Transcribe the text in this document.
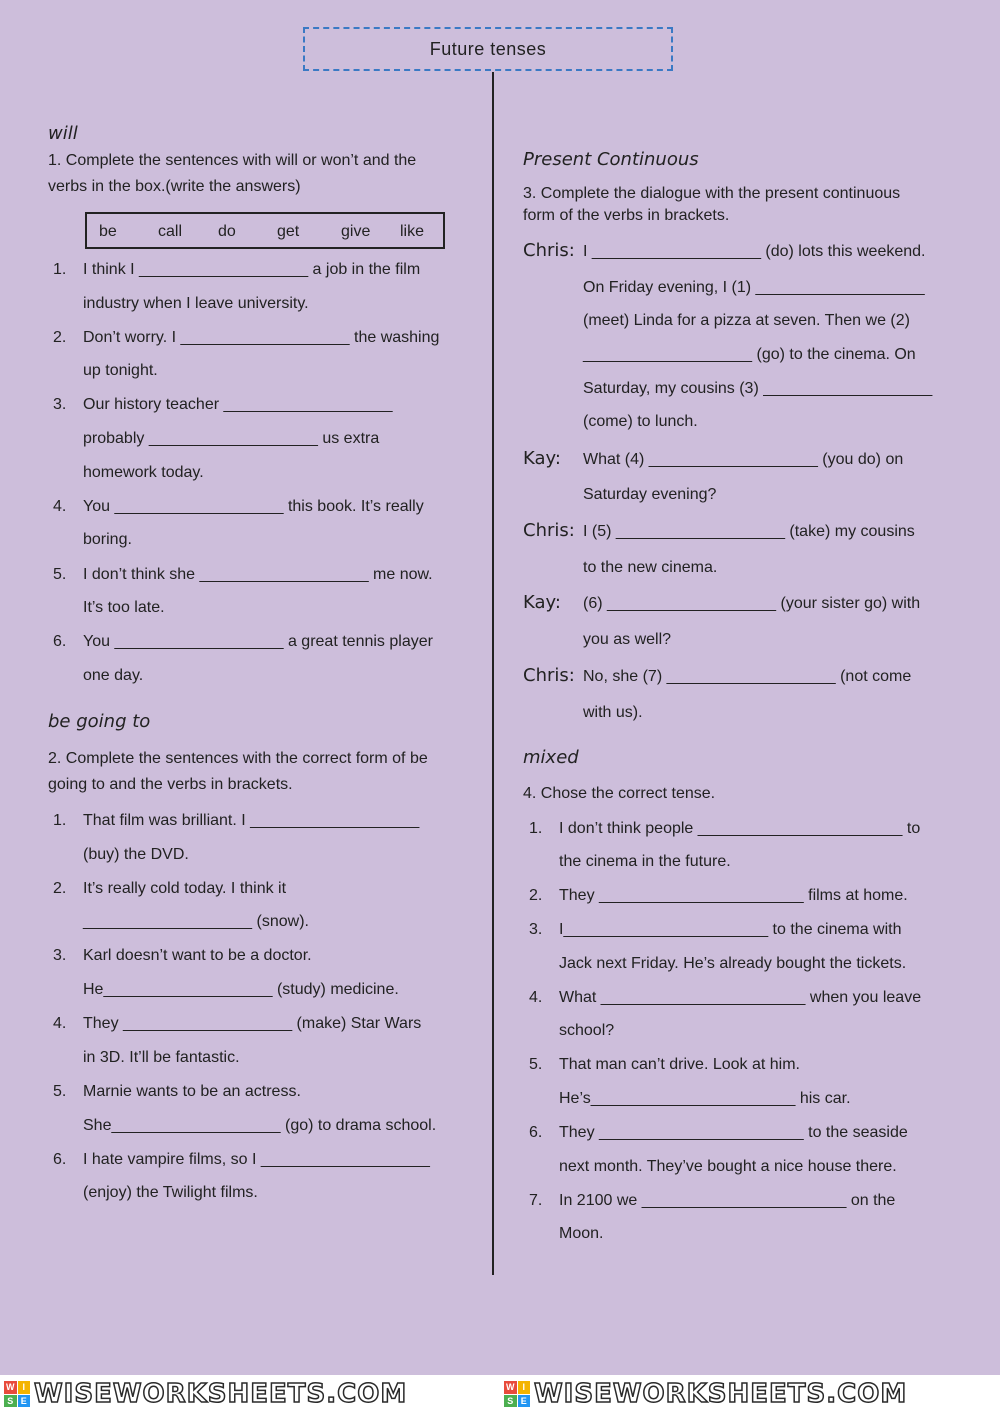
Future tenses
will
1. Complete the sentences with will or won’t and the
verbs in the box.(write the answers)
be	call do	get	give like
1. I think I ___________________ a job in the film
industry when I leave university.
2. Don’t worry. I ___________________ the washing
up tonight.
3. Our history teacher ___________________
probably ___________________ us extra
homework today.
4. You ___________________ this book. It’s really
boring.
5. I don’t think she ___________________ me now.
It’s too late.
6. You ___________________ a great tennis player
one day.
be going to
2. Complete the sentences with the correct form of be
going to and the verbs in brackets.
1. That film was brilliant. I ___________________
(buy) the DVD.
2. It’s really cold today. I think it
___________________ (snow).
3. Karl doesn’t want to be a doctor.
He___________________ (study) medicine.
4. They ___________________ (make) Star Wars
in 3D. It’ll be fantastic.
5. Marnie wants to be an actress.
She___________________ (go) to drama school.
6. I hate vampire films, so I ___________________
(enjoy) the Twilight films.
Present Continuous
3. Complete the dialogue with the present continuous
form of the verbs in brackets.
Chris: I ___________________ (do) lots this weekend.
On Friday evening, I (1) ___________________
(meet) Linda for a pizza at seven. Then we (2)
___________________ (go) to the cinema. On
Saturday, my cousins (3) ___________________
(come) to lunch.
Kay: What (4) ___________________ (you do) on
Saturday evening?
Chris: I (5) ___________________ (take) my cousins
to the new cinema.
Kay: (6) ___________________ (your sister go) with
you as well?
Chris: No, she (7) ___________________ (not come
with us).
mixed
4. Chose the correct tense.
1. I don’t think people _______________________ to
the cinema in the future.
2. They _______________________ films at home.
3. I_______________________ to the cinema with
Jack next Friday. He’s already bought the tickets.
4. What _______________________ when you leave
school?
5. That man can’t drive. Look at him.
He’s_______________________ his car.
6. They _______________________ to the seaside
next month. They’ve bought a nice house there.
7. In 2100 we _______________________ on the
Moon.
W I
S E WISEWORKSHEETS.COM	W I
S E WISEWORKSHEETS.COM
